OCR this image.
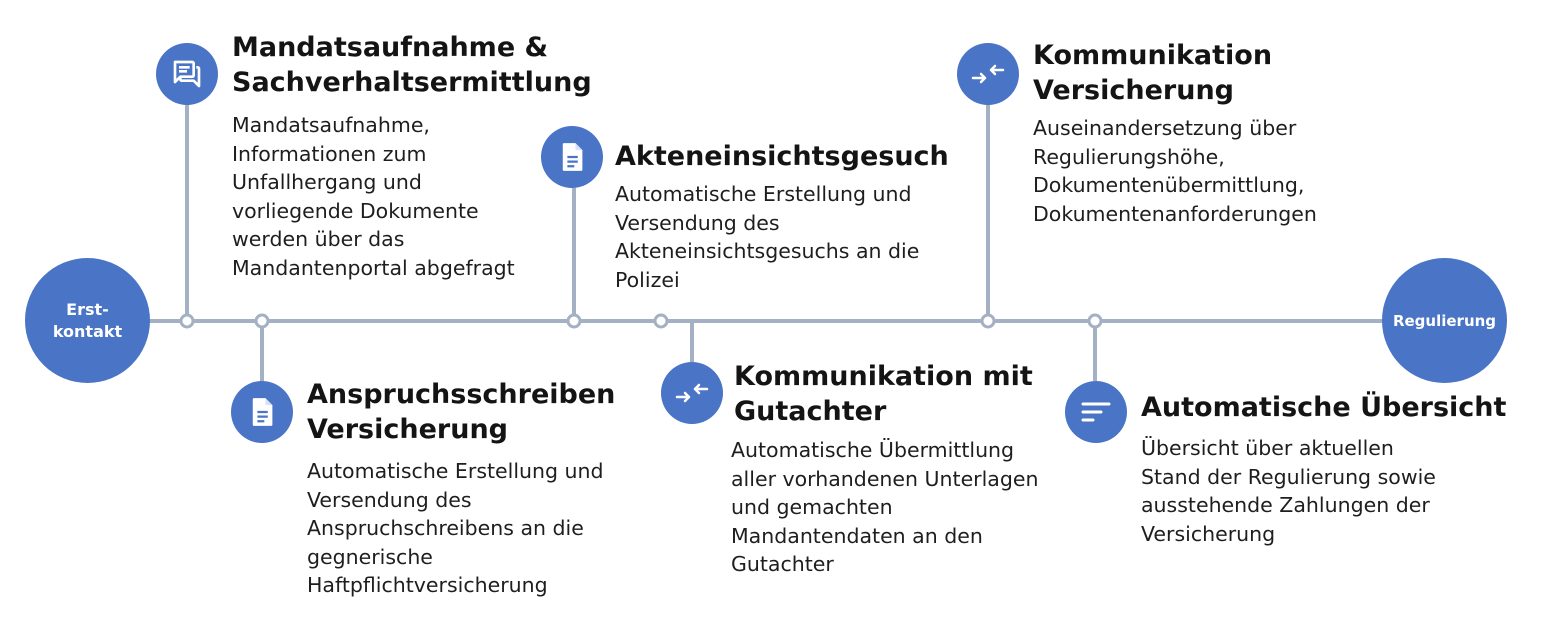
Erst-
kontakt
Regulierung
Mandatsaufnahme &
Sachverhaltsermittlung
Mandatsaufnahme,
Informationen zum
Unfallhergang und
vorliegende Dokumente
werden über das
Mandantenportal abgefragt
Anspruchsschreiben
Versicherung
Automatische Erstellung und
Versendung des
Anspruchschreibens an die
gegnerische
Haftpflichtversicherung
Akteneinsichtsgesuch
Automatische Erstellung und
Versendung des
Akteneinsichtsgesuchs an die
Polizei
Kommunikation mit
Gutachter
Automatische Übermittlung
aller vorhandenen Unterlagen
und gemachten
Mandantendaten an den
Gutachter
Kommunikation
Versicherung
Auseinandersetzung über
Regulierungshöhe,
Dokumentenübermittlung,
Dokumentenanforderungen
Automatische Übersicht
Übersicht über aktuellen
Stand der Regulierung sowie
ausstehende Zahlungen der
Versicherung
